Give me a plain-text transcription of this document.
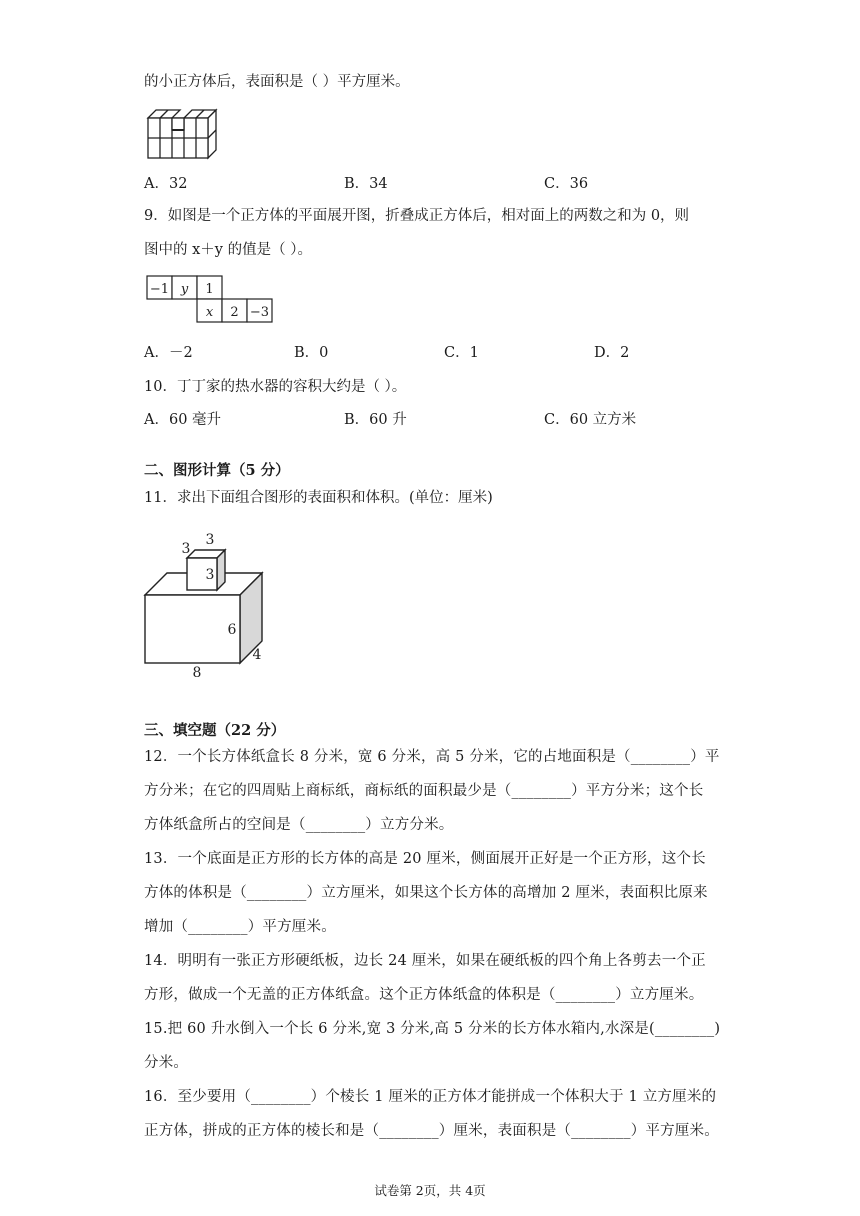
的小正方体后，表面积是（ ）平方厘米。
A．32	B．34	C．36
9．如图是一个正方体的平面展开图，折叠成正方体后，相对面上的两数之和为 0，则
图中的 x＋y 的值是（ ）。
−1 y 1
x 2 −3
A．－2	B．0	C．1	D．2
10．丁丁家的热水器的容积大约是（ ）。
A．60 毫升	B．60 升	C．60 立方米
二、图形计算（5 分）
11．求出下面组合图形的表面积和体积。(单位：厘米)
3
3
3
6
4
8
三、填空题（22 分）
12．一个长方体纸盒长 8 分米，宽 6 分米，高 5 分米，它的占地面积是（________）平
方分米；在它的四周贴上商标纸，商标纸的面积最少是（________）平方分米；这个长
方体纸盒所占的空间是（________）立方分米。
13．一个底面是正方形的长方体的高是 20 厘米，侧面展开正好是一个正方形，这个长
方体的体积是（________）立方厘米，如果这个长方体的高增加 2 厘米，表面积比原来
增加（________）平方厘米。
14．明明有一张正方形硬纸板，边长 24 厘米，如果在硬纸板的四个角上各剪去一个正
方形，做成一个无盖的正方体纸盒。这个正方体纸盒的体积是（________）立方厘米。
15.把 60 升水倒入一个长 6 分米,宽 3 分米,高 5 分米的长方体水箱内,水深是(________)
分米。
16．至少要用（________）个棱长 1 厘米的正方体才能拼成一个体积大于 1 立方厘米的
正方体，拼成的正方体的棱长和是（________）厘米，表面积是（________）平方厘米。
试卷第 2页，共 4页
